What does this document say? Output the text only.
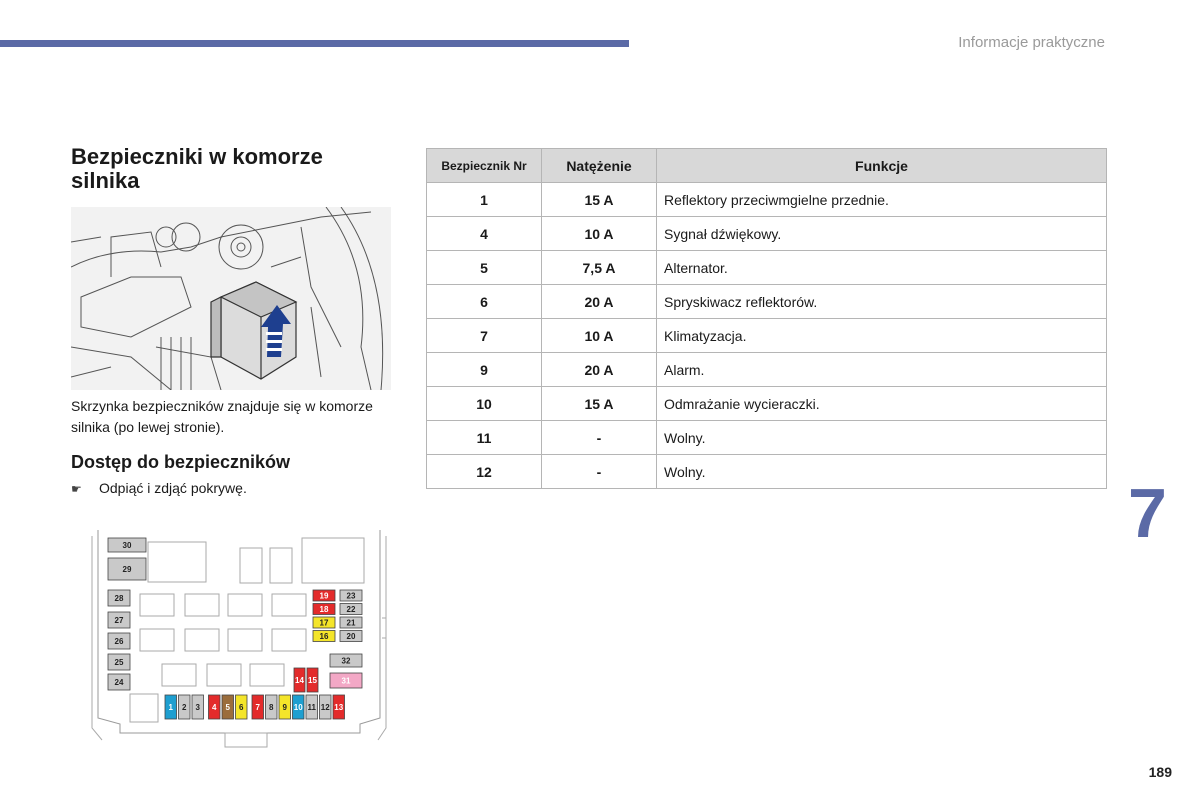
Informacje praktyczne
Bezpieczniki w komorze silnika
Skrzynka bezpieczników znajduje się w komorze silnika (po lewej stronie).
Dostęp do bezpieczników
☛ Odpiąć i zdjąć pokrywę.
30
29
28
27
26
25
24
19 23
18 22
17 21
16 20
32
31
14 15
1 2 3 4 5 6 7 8 9 10 11 12 13
Bezpiecznik Nr	Natężenie	Funkcje
1	15 A	Reflektory przeciwmgielne przednie.
4	10 A	Sygnał dźwiękowy.
5	7,5 A	Alternator.
6	20 A	Spryskiwacz reflektorów.
7	10 A	Klimatyzacja.
9	20 A	Alarm.
10	15 A	Odmrażanie wycieraczki.
11	-	Wolny.
12	-	Wolny.
7
189
